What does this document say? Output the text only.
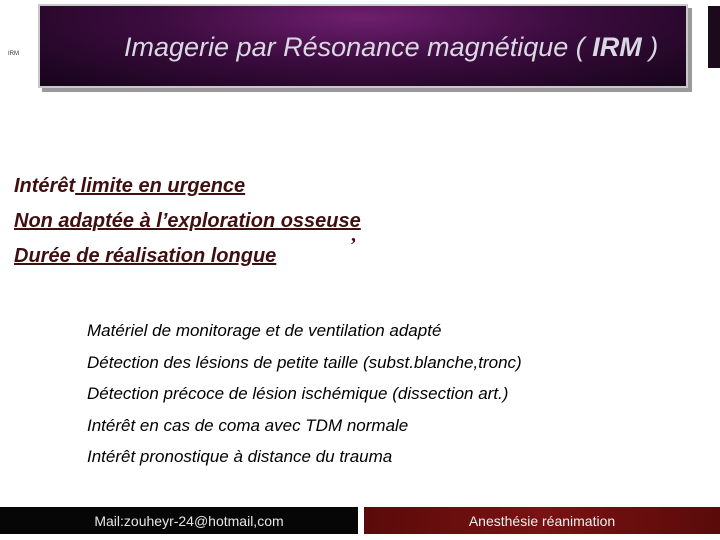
IRM	Imagerie par Résonance magnétique ( IRM )
Intérêt limite en urgence
Non adaptée à l’exploration osseuse
Durée de réalisation longue	’
Matériel de monitorage et de ventilation adapté
Détection des lésions de petite taille (subst.blanche,tronc)
Détection précoce de lésion ischémique (dissection art.)
Intérêt en cas de coma avec TDM normale
Intérêt pronostique à distance du trauma
Mail:zouheyr-24@hotmail,com	Anesthésie réanimation
